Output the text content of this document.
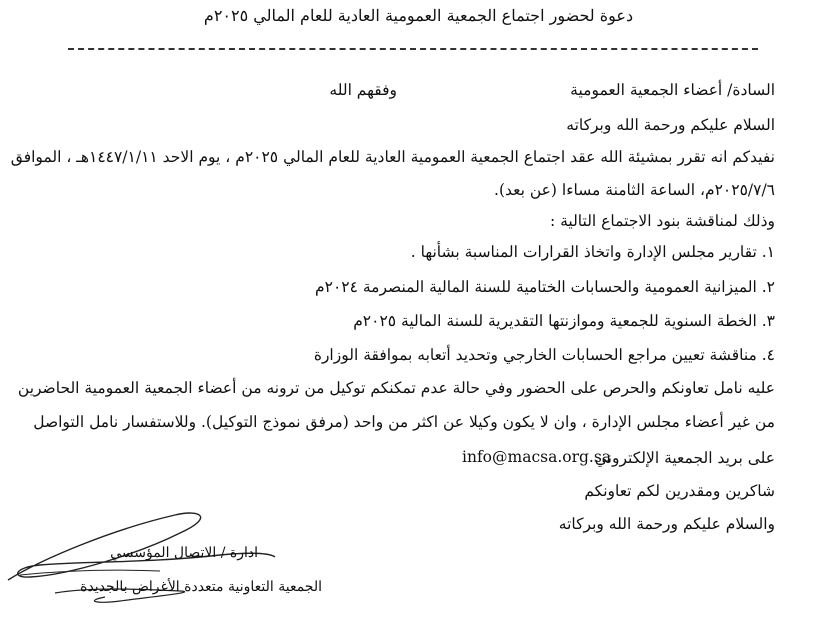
دعوة لحضور اجتماع الجمعية العمومية العادية للعام المالي ٢٠٢٥م
السادة/ أعضاء الجمعية العمومية
وفقهم الله
السلام عليكم ورحمة الله وبركاته
نفيدكم انه تقرر بمشيئة الله عقد اجتماع الجمعية العمومية العادية للعام المالي ٢٠٢٥م ، يوم الاحد ١٤٤٧/١/١١هـ ، الموافق
٢٠٢٥/٧/٦م، الساعة الثامنة مساءا (عن بعد).
وذلك لمناقشة بنود الاجتماع التالية :
١. تقارير مجلس الإدارة واتخاذ القرارات المناسبة بشأنها .
٢. الميزانية العمومية والحسابات الختامية للسنة المالية المنصرمة ٢٠٢٤م
٣. الخطة السنوية للجمعية وموازنتها التقديرية للسنة المالية ٢٠٢٥م
٤. مناقشة تعيين مراجع الحسابات الخارجي وتحديد أتعابه بموافقة الوزارة
عليه نامل تعاونكم والحرص على الحضور وفي حالة عدم تمكنكم توكيل من ترونه من أعضاء الجمعية العمومية الحاضرين
من غير أعضاء مجلس الإدارة ، وان لا يكون وكيلا عن اكثر من واحد (مرفق نموذج التوكيل). وللاستفسار نامل التواصل
على بريد الجمعية الإلكتروني
info@macsa.org.sa
شاكرين ومقدرين لكم تعاونكم
والسلام عليكم ورحمة الله وبركاته
ادارة / الاتصال المؤسسي
الجمعية التعاونية متعددة الأغراض بالجديدة
